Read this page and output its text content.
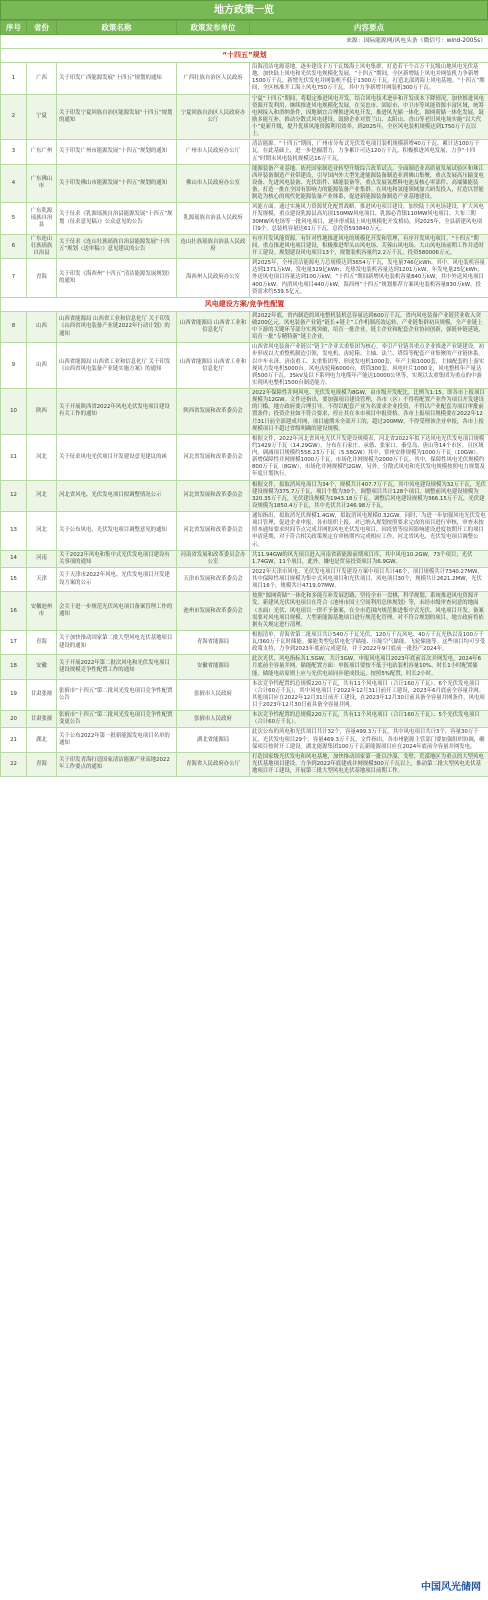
地方政策一览
序号	省份	政策名称	政策发布单位	内容要点
来源：国际能源网/风电头条（微信号：wind-2005s）				
“十四五”规划				
1	广西	关于印发广西能源发展“十四五”规划的通知	广西壮族自治区人民政府	沿海清洁电源基地。逐步建设千万千瓦级海上风电集群，打造若干个百万千瓦级山地风电光伏基地。加快陆上风电和光伏发电规模化发展。“十四五”期间，全区新增陆上风电并网装机力争新增1500万千瓦、新增光伏发电并网装机不低于1300万千瓦。打造北部湾海上风电基地。“十四五”期间，全区核准开工海上风电750万千瓦，其中力争新增并网装机300万千瓦。
2	宁夏	关于印发宁夏回族自治区能源发展“十四五”规划的通知	宁夏回族自治区人民政府办公厅	宁夏“十四五”期间，将稳定推进风电开发。结合风电技术进步和开发成本下降情况，加快推进风电资源开发利用，继续推进风电规模化发展，在吴忠市、固原市、中卫市等风能资源丰富区域，统筹电网接入和消纳条件，因地制宜合理推进风电开发，推进风光储一体化、源网荷储一体化发展，鼓励多能互补，推动分散式风电建设。鼓励企业对贺兰山、太阳山、香山等老旧风电场实施“以大代小”更新升级，提升优质风能资源利用效率。到2025年，全区风电装机规模达到1750万千瓦以上。
3	广东广州	关于印发广州市能源发展“十四五”规划的通知	广州市人民政府办公厅	清洁能源。“十四五”期间，广州市分布式光伏发电项目装机规模新增40万千瓦，累计达100万千瓦。在此基础上，进一步挖掘潜力，力争累计可达120万千瓦。积极推进风电发展，力争“十四五”时期末风电装机规模达16万千瓦。
4	广东佛山市	关于印发佛山市能源发展“十四五”规划的通知	佛山市人民政府办公室	能源装备产业基地。依托国家制造业转型升级综合改革试点，全面制造业高质量发展试验区和珠江西岸装备制造产业带建设，引导国内外大型先进能源装备制造业到佛山集聚，重点发展高压输变电设备、先进风电装备、光伏组件、储能装备等，重点发展氢燃料电池及核心零部件、高端储能装备，打造一批在全国有影响力的能源装备产业集群。在风电和氢能领域加大研发投入，打造以智能制造为核心的现代化能源装备产业体系，促进新能源装备制造产业基地建设。
5	广东乳源瑶族自治县	关于征求《乳源瑶族自治县能源发展“十四五”规划（征求意见稿）》公众意见的公告	乳源瑶族自治县人民政府	风能方面。通过实施风力资源优化配置战略，推进风电项目建设，加快陆上风电场建设，扩大风电开发规模，重点建设乳源县高坑顶150MW风电项目、乳源必背镇110MW风电项目、大布三期30MW风电场等一批风电项目，逐步形成陆上风电规模化开发格局，到2025年，全县新建风电项目9个，总装机容量达61万千瓦，总投资593840万元。
6	广东连山壮族瑶族自治县	关于征求《连山壮族瑶族自治县能源发展“十四五”规划（送审稿）》意见建议的公告	连山壮族瑶族自治县人民政府	有序开发风能资源。有针对性地推进风电的规模化开发和管理，有序开发风电项目。“十四五”期间，重点推进风电项目建设，积极推进犁头山风电场、芙蓉山风电场、大山风电场前期工作并适时开工建设。规划建设风电项目13个，规划装机容量约2.2万千瓦，投资580006万元。
7	青海	关于印发《海西州“十四五”清洁能源发展规划》的通知	海西州人民政府办公室	到2025年，全州清洁能源电力总规模达到3654万千瓦，发电量746亿kWh。其中，风电装机容量达到1371万kW，发电量329亿kWh；光热发电装机容量达到1201万kW，年发电量25亿kWh，外送风电项目容量达到100万kW。“十四五”期间新增风电装机容量840万kW，其中外送风电项目400万kW，内消风电项目440万kW，海西州“十四五”规划推荐方案风电装机容量830万kW，投资需求约539.5亿元。
风电建设方案/竞争性配置				
8	山西	山西省能源局 山西省工业和信息化厅 关于印发《山西省风电装备产业链2022年行动计划》的通知	山西省能源局 山西省工业和信息化厅	到2022年底，省内制造的风电整机装机总容量达到600万千瓦，省内风电装备产业链营业收入突破200亿元。风电装备产业链“链长+链主”工作机制高效运转，产业链集群初具规模，全产业链上中下游的关键环节部分实现突破，培育一批企业，链主企业和配套企业协同创新，强链补链延链，培育一批“专精特新”链主企业。
9	山西	山西省能源局 山西省工业和信息化厅 关于印发《山西省风电装备产业链实施方案》的通知	山西省能源局 山西省工业和信息化厅	山西省风电装备产业链以“链主”企业太重集团为核心，牵引产业链各重点企业推进产业链建设，初步形成以大重整机制造引领，发电机、齿轮箱、主轴、法兰、塔筒等配套产业集聚的产业链体系。以中车永济、济南重工、太重集团等，形成发电机1000套，年产主轴1000套，主轴配套的上游实现风力发电机5000台。风电齿轮箱6000台，塔筒300套。风电叶片1000支，风电整机年产量达到500万千瓦。35kV及以下系列电力电缆年产能达10000公里等，实现以太重集团为重点的中游实现风电整机1500台制造能力。
10	陕西	关于开展陕西省2022年风电光伏发电项目建设有关工作的通知	陕西省发展和改革委员会	2022年保障性并网风电、光伏发电规模为8GW，由市级开发配比，比例为1:15。即各市上报项目规模为12GW。文件还指出，要加强项目建设管理，各市（区）不得将配置产业作为项目开发建设的门槛，地方政府要合理引导，不得以配套产业为名要求企业投资，不得以产业配套为项目审批前置条件；投资企业如不符合要求，停止其在本市项目申报资格。各市上报项目规模要在2022年12月31日前全部建成并网，项目逾期未全部开工的，超过200MW，不得受理该企业申报，各市上报规模项目不超过省级明确的建设规模。
11	河北	关于征求风电光伏项目开发建设意见建议的函	河北省发展和改革委员会	根据文件，2022年河北省风电光伏开发建设规模表，河北省2022年拟下达风电光伏发电项目规模约1429万千瓦（14.29GW），分布在石家庄、承德、张家口、秦皇岛、唐山等14个市区。且区域内，调减项目规模约558.23万千瓦（5.58GW）其中，常州安排规模为1000万千瓦（10GW）。新增保障性并网规模1000万千瓦，市场化并网规模为2000万千瓦。其中，保障性风电光伏规模约800万千瓦（8GW），市场化并网规模约2GW。另外，分散式风电和光伏发电规模按照电力规划及年度计划执行。
12	河北	河北省风电、光伏发电项目拟调整情况公示	河北省发展和改革委员会	根据文件，拟取消风电项目为34个，规模共计407.7万千瓦，其中风电建设规模为32万千瓦，光伏建设规模为375.7万千瓦，项目个数为30个，调整项目共计128个项目，调整前风电建设规模为320.35万千瓦，光伏建设规模为1943.18万千瓦。调整后风电建设规模为366.15万千瓦，光伏建设规模为1850.4万千瓦，其中光伏共计246.98万千瓦。
13	河北	关于公布风电、光伏发电项目调整意见的通知	河北省发展和改革委员会	通知指出，拟取消光伏规模1.4GW，拟取消风电规模0.32GW。同时，为进一步加强风电光伏发电项目管理，促进企业申报，各市组织上报，对已纳入规划按照要求完成的项目进行审核，审查未按照本通知要求时间节点完成并网的风电光伏发电项目，因疫情等原因影响建设进度按期开工的项目申请延期，对于符合相关政策规定在审核期内完成相应工作，河北省风电、光伏发电项目调整公示。
14	河南	关于2022年风电和集中式光伏发电项目建设有关事项的通知	河南省发展和改革委员会办公室	共11.94GW的风光项目进入河南省新能源前期项目库，其中风电10.2GW，73个项目；光伏1.74GW，11个项目，此外，嫌电是贸易投资项目为6.9GW。
15	天津	关于天津市2022年风电、光伏发电项目开发建设方案的公示	天津市发展和改革委员会	2022年天津市风电、光伏发电项目开发建设方案中项目共计46个，项目规模共计7340.27MW，其中保障性项目规模为集中式风电项目和光伏项目，风电项目30个，规模共计2621.2MW，光伏项目16个，规模共计4719.07MW。
16	安徽池州市	会关于进一步规范光伏风电项目备案管理工作的通知	池州市发展和改革委员会	按照“源网荷储”一体化和多能互补发展思路，坚持全市一盘棋，科学规划、系统推进风电资源开发，新建风光伏风电项目在符合《池州市国土空间利用总体规划》等，未经市级审查同意的地面（水面）光伏、风电项目一律不予备案，在全市范围内规范推进集中式光伏、风电项目开发。备案需要对风电项目规模、大型新能源基地项目进行规范化管理，对不符合规划的项目，地方政府将依据有关规定进行清理。
17	青海	关于加快推动国家第二批大型风电光伏基地项目建设的通知	青海省能源局	根据清单，青海省第二批项目共计540万千瓦光伏、120万千瓦风电、40万千瓦光热以及100万千瓦/360万千瓦时储能。储能类型包括电化学储能、压缩空气储能、飞轮储能等。这些项目均可享受政策支持，力争到2023年底前完成建设，并于2022年9月底前一批投产2024年。
18	安徽	关于开展2022年第二批次风电和光伏发电项目建设规模竞争性配置工作的通知	安徽省能源局	此次光伏、风电指标各1.5GW，共计3GW。申报风电项目2023年底前首次并网发电，2024年6月底前全容量并网。储能配置方面：申报项目要按不低于电站装机容量10%、时长1小时配置储能，储能电站原则上应与光伏电站同步建成投运，按照5%配置，时长2小时。
19	甘肃张掖	张掖市“十四五”第二批风光发电项目竞争性配置公告	张掖市人民政府	本次竞争性配置的总规模220万千瓦，共有11个风电项目（合计160万千瓦）、6个光伏发电项目（合计60万千瓦），其中风电项目于2022年12月31日前开工建设，2023年6月底前全容量并网。其他项目应在2022年12月31日前开工建设，在2023年12月30日前具备全容量并网条件，风电项目于2023年12月30日前具备全容量并网。
20	甘肃张掖	张掖市“十四五”第二批风光发电项目竞争性配置变更公告	张掖市人民政府	本次竞争性配置的总规模220万千瓦，共有11个风电项目（合计160万千瓦）、5个光伏发电项目（合计60万千瓦）。
21	湖北	关于公布2022年第一批新能源发电项目名单的通知	湖北省能源局	此次公布的风电和光伏项目共计32个，容量499.3万千瓦。其中风电项目共计3个，容量30万千瓦，光伏发电项目29个，容量469.3万千瓦。文件指出，各市州能源主管部门要加强组织协调，确保项目按时开工建设。湖北能源集团100万千瓦新能源项目应在2024年底前全容量并网发电。
22	青海	关于印发青海打造国家清洁能源产业高地2022年工作要点的通知	青海省人民政府办公厅	打造国家级光伏发电和风电基地，加快推动国家第一批以沙漠、戈壁、荒漠地区为重点的大型风电光伏基地项目建设，力争到2022年底建成并网规模300万千瓦以上，推动第二批大型风电光伏基地项目开工建设，开展第三批大型风电光伏基地项目前期工作。
中国风光储网
